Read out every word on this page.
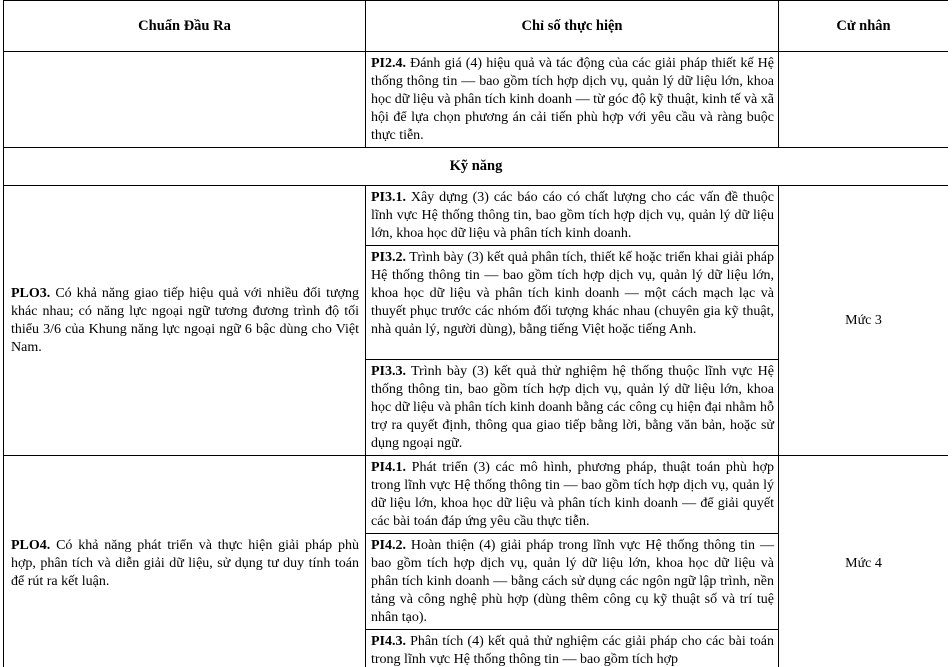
Chuẩn Đầu Ra	Chỉ số thực hiện	Cử nhân

	PI2.4. Đánh giá (4) hiệu quả và tác động của các giải pháp thiết kế Hệ thống thông tin — bao gồm tích hợp dịch vụ, quản lý dữ liệu lớn, khoa học dữ liệu và phân tích kinh doanh — từ góc độ kỹ thuật, kinh tế và xã hội để lựa chọn phương án cải tiến phù hợp với yêu cầu và ràng buộc thực tiễn.	

Kỹ năng		
PLO3. Có khả năng giao tiếp hiệu quả với nhiều đối tượng khác nhau; có năng lực ngoại ngữ tương đương trình độ tối thiểu 3/6 của Khung năng lực ngoại ngữ 6 bậc dùng cho Việt Nam.	PI3.1. Xây dựng (3) các báo cáo có chất lượng cho các vấn đề thuộc lĩnh vực Hệ thống thông tin, bao gồm tích hợp dịch vụ, quản lý dữ liệu lớn, khoa học dữ liệu và phân tích kinh doanh.	Mức 3

	PI3.2. Trình bày (3) kết quả phân tích, thiết kế hoặc triển khai giải pháp Hệ thống thông tin — bao gồm tích hợp dịch vụ, quản lý dữ liệu lớn, khoa học dữ liệu và phân tích kinh doanh — một cách mạch lạc và thuyết phục trước các nhóm đối tượng khác nhau (chuyên gia kỹ thuật, nhà quản lý, người dùng), bằng tiếng Việt hoặc tiếng Anh.	

	PI3.3. Trình bày (3) kết quả thử nghiệm hệ thống thuộc lĩnh vực Hệ thống thông tin, bao gồm tích hợp dịch vụ, quản lý dữ liệu lớn, khoa học dữ liệu và phân tích kinh doanh bằng các công cụ hiện đại nhằm hỗ trợ ra quyết định, thông qua giao tiếp bằng lời, bằng văn bản, hoặc sử dụng ngoại ngữ.	

PLO4. Có khả năng phát triển và thực hiện giải pháp phù hợp, phân tích và diễn giải dữ liệu, sử dụng tư duy tính toán để rút ra kết luận.	PI4.1. Phát triển (3) các mô hình, phương pháp, thuật toán phù hợp trong lĩnh vực Hệ thống thông tin — bao gồm tích hợp dịch vụ, quản lý dữ liệu lớn, khoa học dữ liệu và phân tích kinh doanh — để giải quyết các bài toán đáp ứng yêu cầu thực tiễn.	Mức 4

	PI4.2. Hoàn thiện (4) giải pháp trong lĩnh vực Hệ thống thông tin — bao gồm tích hợp dịch vụ, quản lý dữ liệu lớn, khoa học dữ liệu và phân tích kinh doanh — bằng cách sử dụng các ngôn ngữ lập trình, nền tảng và công nghệ phù hợp (dùng thêm công cụ kỹ thuật số và trí tuệ nhân tạo).	

	PI4.3. Phân tích (4) kết quả thử nghiệm các giải pháp cho các bài toán trong lĩnh vực Hệ thống thông tin — bao gồm tích hợp	
